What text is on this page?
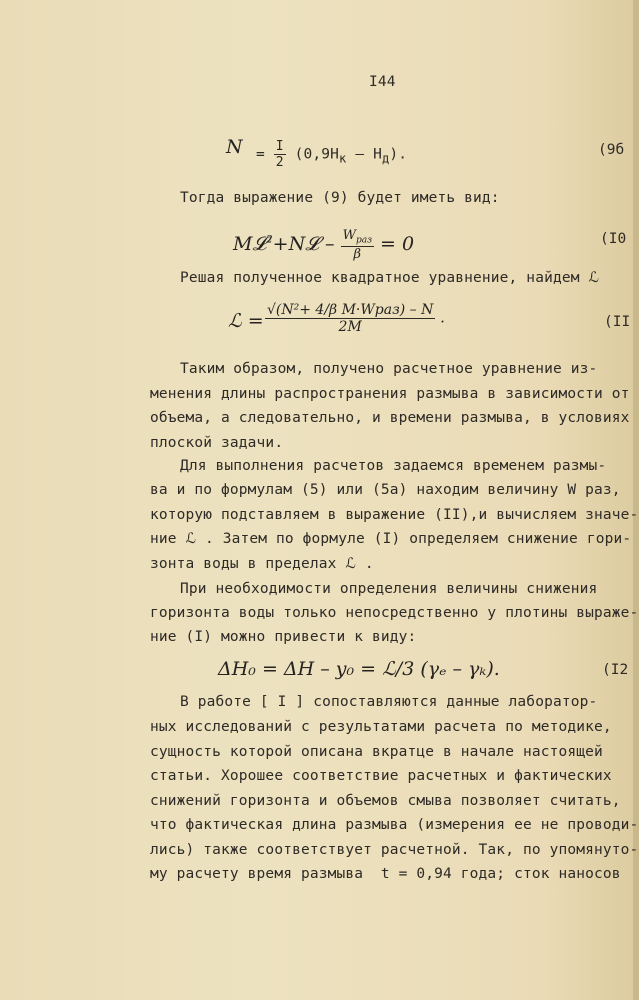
I44
$N = \frac{I}{2} (0,9H_к - H_д)$.	(9б
Тогда выражение (9) будет иметь вид:
M𝓛$^2$+N𝓛 – $\frac{W_{раз}}{\beta} = 0$	(I0
Решая полученное квадратное уравнение, найдем ℒ
ℒ = $\frac{\text{√(N²+ 4/β M·Wраз) – N}}{2M}$ .	(II
Таким образом, получено расчетное уравнение из-
менения длины распространения размыва в зависимости от
объема, а следовательно, и времени размыва, в условиях
плоской задачи.
Для выполнения расчетов задаемся временем размы-
ва и по формулам (5) или (5а) находим величину W раз,
которую подставляем в выражение (II),и вычисляем значе-
ние ℒ . Затем по формуле (I) определяем снижение гори-
зонта воды в пределах ℒ .
При необходимости определения величины снижения
горизонта воды только непосредственно у плотины выраже-
ние (I) можно привести к виду:
ΔH₀ = ΔH – y₀ = ℒ/3 (γₑ – γₖ).	(I2
В работе [ I ] сопоставляются данные лаборатор-
ных исследований с результатами расчета по методике,
сущность которой описана вкратце в начале настоящей
статьи. Хорошее соответствие расчетных и фактических
снижений горизонта и объемов смыва позволяет считать,
что фактическая длина размыва (измерения ее не проводи-
лись) также соответствует расчетной. Так, по упомянуто-
му расчету время размыва  t = 0,94 года; сток наносов
